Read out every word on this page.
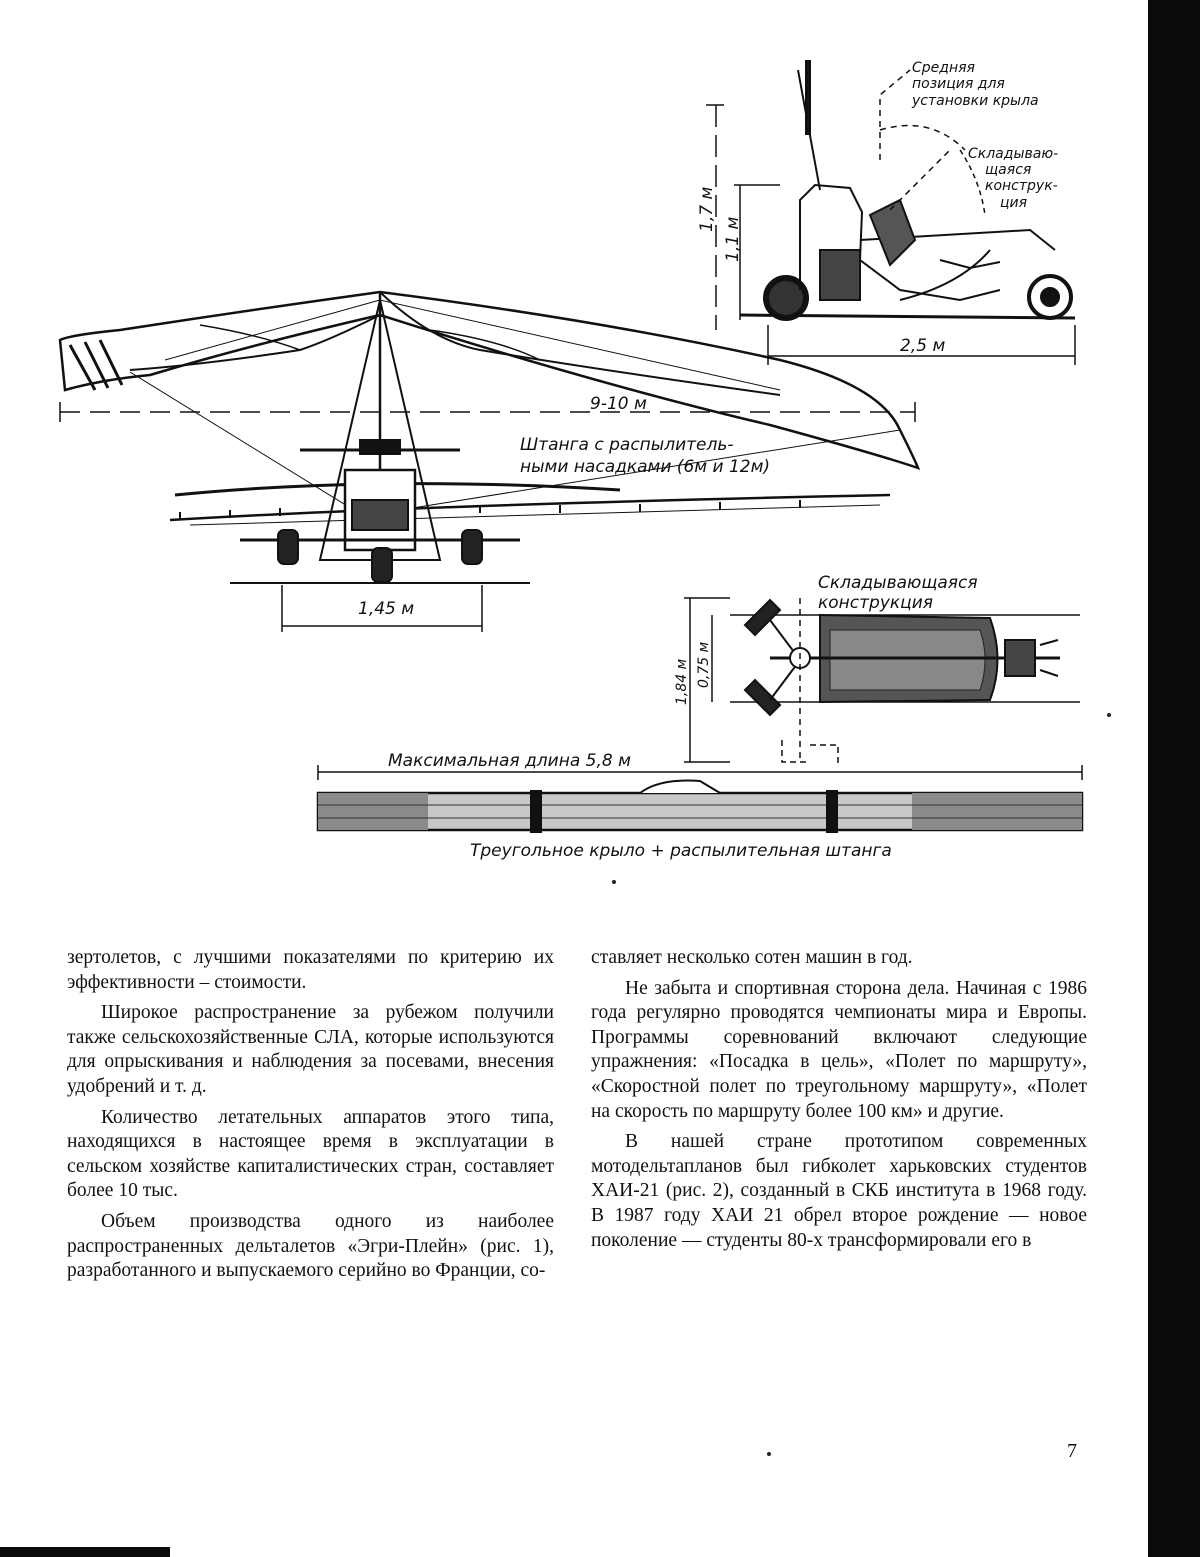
Средняя
позиция для
установки крыла
Складываю-
щаяся
конструк-
ция
1,7 м
1,1 м
2,5 м
9-10 м
Штанга с распылитель-
ными насадками (6м и 12м)
1,45 м
Складывающаяся
конструкция
1,84 м 0,75 м
Максимальная длина 5,8 м
Треугольное крыло + распылительная штанга

зертолетов, с лучшими показателями по критерию их эффективности – стоимости.

Широкое распространение за рубежом получили также сельскохозяйственные СЛА, которые используются для опрыскивания и наблюдения за посевами, внесения удобрений и т. д.

Количество летательных аппаратов этого типа, находящихся в настоящее время в эксплуатации в сельском хозяйстве капиталистических стран, составляет более 10 тыс.

Объем производства одного из наиболее распространенных дельталетов «Эгри-Плейн» (рис. 1), разработанного и выпускаемого серийно во Франции, со-

ставляет несколько сотен машин в год.

Не забыта и спортивная сторона дела. Начиная с 1986 года регулярно проводятся чемпионаты мира и Европы. Программы соревнований включают следующие упражнения: «Посадка в цель», «Полет по маршруту», «Скоростной полет по треугольному маршруту», «Полет на скорость по маршруту более 100 км» и другие.

В нашей стране прототипом современных мотодельтапланов был гибколет харьковских студентов ХАИ-21 (рис. 2), созданный в СКБ института в 1968 году. В 1987 году ХАИ 21 обрел второе рождение — новое поколение — студенты 80-х трансформировали его в

7
